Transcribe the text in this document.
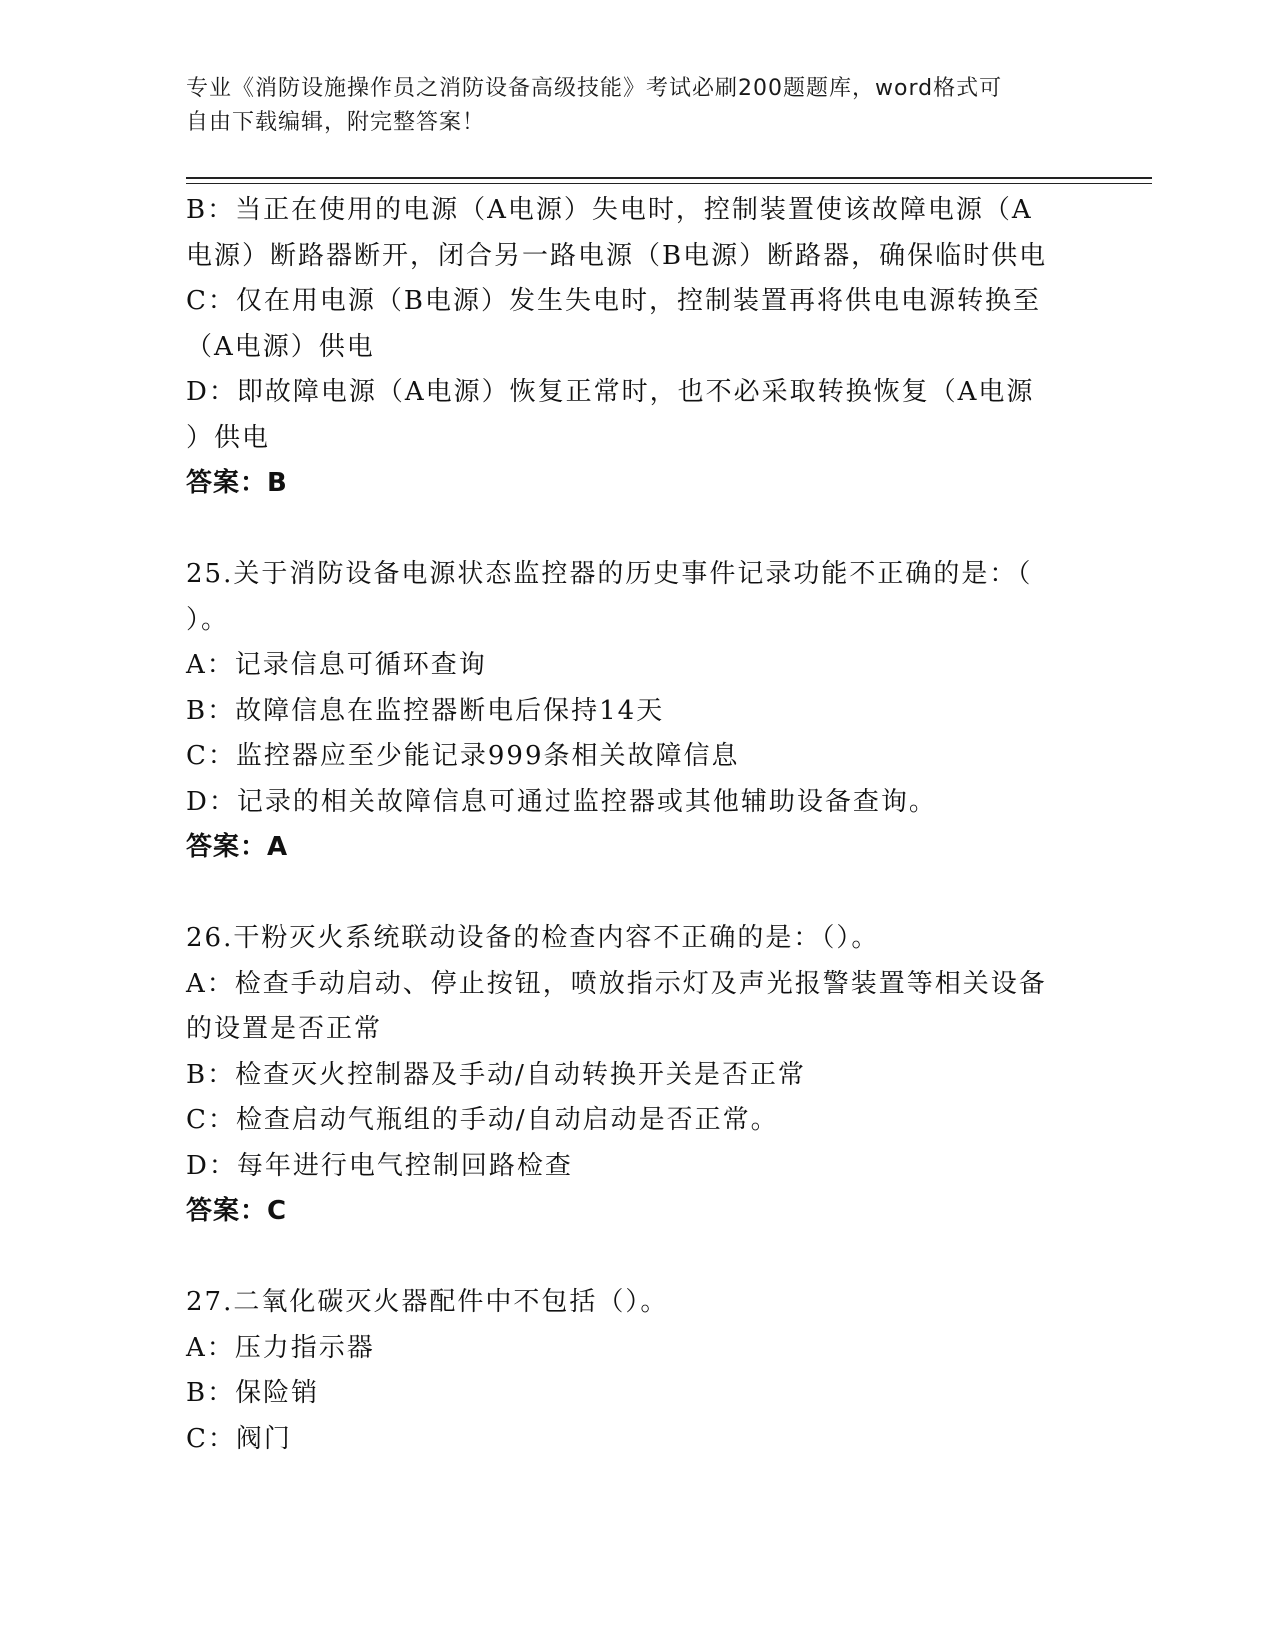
专业《消防设施操作员之消防设备高级技能》考试必刷200题题库，word格式可
自由下载编辑，附完整答案！
B：当正在使用的电源（A电源）失电时，控制装置使该故障电源（A
电源）断路器断开，闭合另一路电源（B电源）断路器，确保临时供电
C：仅在用电源（B电源）发生失电时，控制装置再将供电电源转换至
（A电源）供电
D：即故障电源（A电源）恢复正常时，也不必采取转换恢复（A电源
）供电
答案：B
25.关于消防设备电源状态监控器的历史事件记录功能不正确的是：（
）。
A：记录信息可循环查询
B：故障信息在监控器断电后保持14天
C：监控器应至少能记录999条相关故障信息
D：记录的相关故障信息可通过监控器或其他辅助设备查询。
答案：A
26.干粉灭火系统联动设备的检查内容不正确的是：（）。
A：检查手动启动、停止按钮，喷放指示灯及声光报警装置等相关设备
的设置是否正常
B：检查灭火控制器及手动/自动转换开关是否正常
C：检查启动气瓶组的手动/自动启动是否正常。
D：每年进行电气控制回路检查
答案：C
27.二氧化碳灭火器配件中不包括（）。
A：压力指示器
B：保险销
C：阀门
